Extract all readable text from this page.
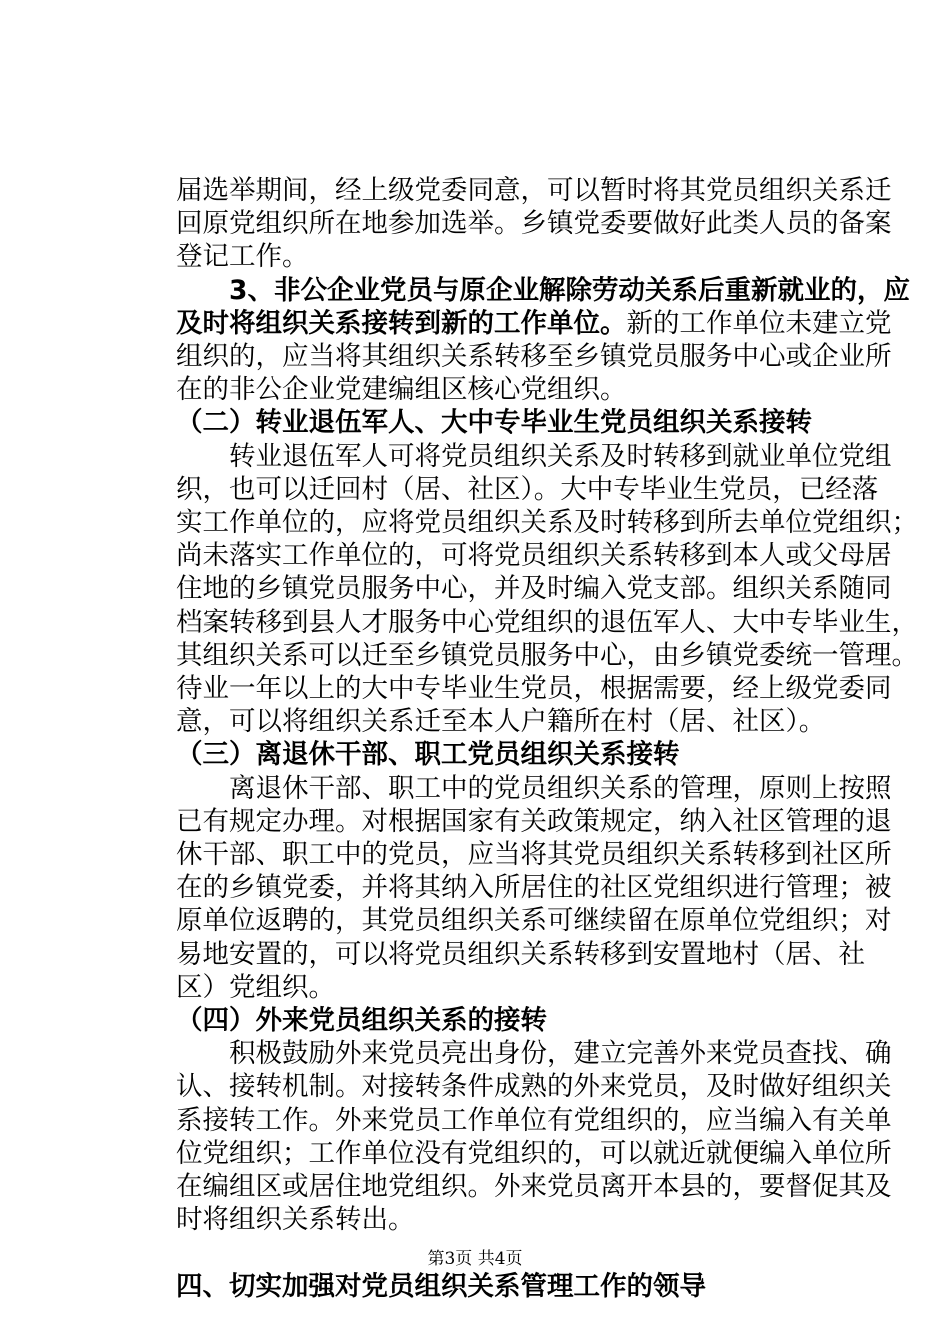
届选举期间，经上级党委同意，可以暂时将其党员组织关系迁
回原党组织所在地参加选举。乡镇党委要做好此类人员的备案
登记工作。
3、非公企业党员与原企业解除劳动关系后重新就业的，应
及时将组织关系接转到新的工作单位。新的工作单位未建立党
组织的，应当将其组织关系转移至乡镇党员服务中心或企业所
在的非公企业党建编组区核心党组织。
（二）转业退伍军人、大中专毕业生党员组织关系接转
转业退伍军人可将党员组织关系及时转移到就业单位党组
织，也可以迁回村（居、社区）。大中专毕业生党员，已经落
实工作单位的，应将党员组织关系及时转移到所去单位党组织；
尚未落实工作单位的，可将党员组织关系转移到本人或父母居
住地的乡镇党员服务中心，并及时编入党支部。组织关系随同
档案转移到县人才服务中心党组织的退伍军人、大中专毕业生，
其组织关系可以迁至乡镇党员服务中心，由乡镇党委统一管理。
待业一年以上的大中专毕业生党员，根据需要，经上级党委同
意，可以将组织关系迁至本人户籍所在村（居、社区）。
（三）离退休干部、职工党员组织关系接转
离退休干部、职工中的党员组织关系的管理，原则上按照
已有规定办理。对根据国家有关政策规定，纳入社区管理的退
休干部、职工中的党员，应当将其党员组织关系转移到社区所
在的乡镇党委，并将其纳入所居住的社区党组织进行管理；被
原单位返聘的，其党员组织关系可继续留在原单位党组织；对
易地安置的，可以将党员组织关系转移到安置地村（居、社
区）党组织。
（四）外来党员组织关系的接转
积极鼓励外来党员亮出身份，建立完善外来党员查找、确
认、接转机制。对接转条件成熟的外来党员，及时做好组织关
系接转工作。外来党员工作单位有党组织的，应当编入有关单
位党组织；工作单位没有党组织的，可以就近就便编入单位所
在编组区或居住地党组织。外来党员离开本县的，要督促其及
时将组织关系转出。
四、切实加强对党员组织关系管理工作的领导
第3页 共4页
